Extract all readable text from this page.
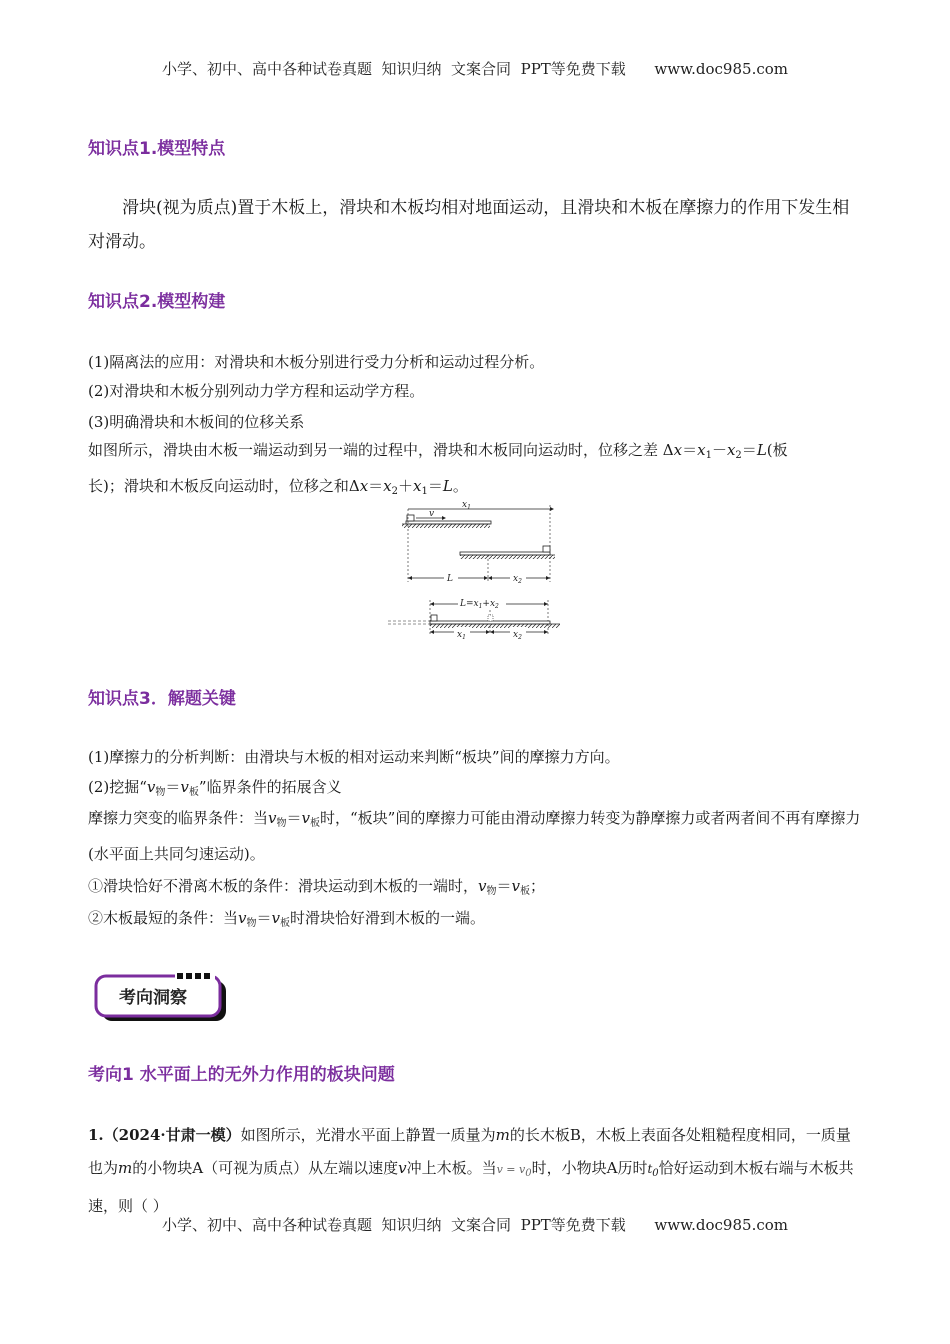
小学、初中、高中各种试卷真题  知识归纳  文案合同  PPT等免费下载      www.doc985.com
知识点1.模型特点
滑块(视为质点)置于木板上，滑块和木板均相对地面运动，且滑块和木板在摩擦力的作用下发生相对滑动。
知识点2.模型构建
(1)隔离法的应用：对滑块和木板分别进行受力分析和运动过程分析。
(2)对滑块和木板分别列动力学方程和运动学方程。
(3)明确滑块和木板间的位移关系
如图所示，滑块由木板一端运动到另一端的过程中，滑块和木板同向运动时，位移之差 $\Delta x=x_1-x_2=L$(板
长)；滑块和木板反向运动时，位移之和$\Delta x=x_2+x_1=L$。
v
$x_1$
L	$x_2$
$L=x_1+x_2$
$x_1$	$x_2$
知识点3．解题关键
(1)摩擦力的分析判断：由滑块与木板的相对运动来判断“板块”间的摩擦力方向。
(2)挖掘“$v_物=v_板$”临界条件的拓展含义
摩擦力突变的临界条件：当$v_物=v_板$时，“板块”间的摩擦力可能由滑动摩擦力转变为静摩擦力或者两者间不再有摩擦力(水平面上共同匀速运动)。
①滑块恰好不滑离木板的条件：滑块运动到木板的一端时，$v_物=v_板$；
②木板最短的条件：当$v_物=v_板$时滑块恰好滑到木板的一端。
考向洞察
考向1 水平面上的无外力作用的板块问题
1.（2024·甘肃一模）如图所示，光滑水平面上静置一质量为m的长木板B，木板上表面各处粗糙程度相同，一质量也为m的小物块A（可视为质点）从左端以速度v冲上木板。当v = v0时，小物块A历时$t_0$恰好运动到木板右端与木板共速，则（ ）
小学、初中、高中各种试卷真题  知识归纳  文案合同  PPT等免费下载      www.doc985.com
